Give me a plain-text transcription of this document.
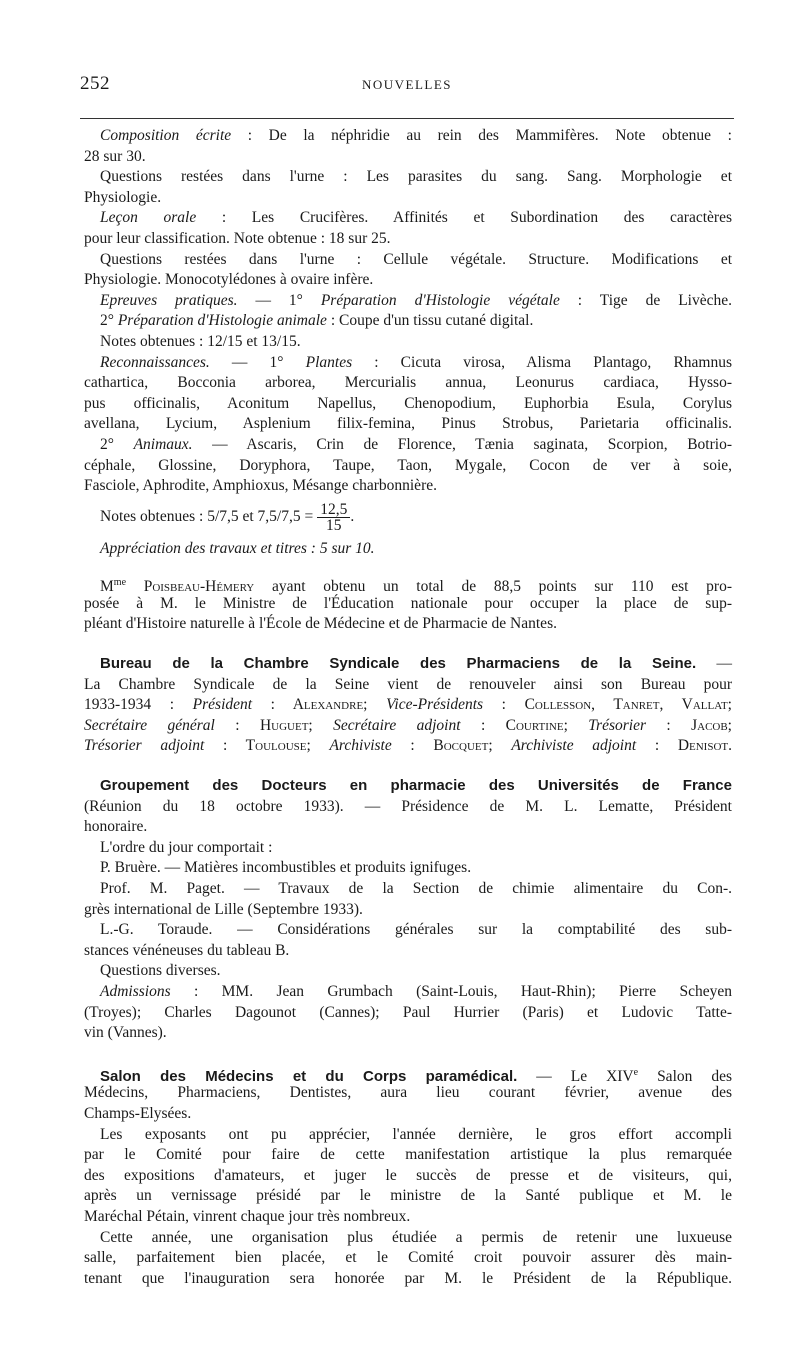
252	NOUVELLES
Composition écrite : De la néphridie au rein des Mammifères. Note obtenue :
28 sur 30.
Questions restées dans l'urne : Les parasites du sang. Sang. Morphologie et
Physiologie.
Leçon orale : Les Crucifères. Affinités et Subordination des caractères
pour leur classification. Note obtenue : 18 sur 25.
Questions restées dans l'urne : Cellule végétale. Structure. Modifications et
Physiologie. Monocotylédones à ovaire infère.
Epreuves pratiques. — 1° Préparation d'Histologie végétale : Tige de Livèche.
2° Préparation d'Histologie animale : Coupe d'un tissu cutané digital.
Notes obtenues : 12/15 et 13/15.
Reconnaissances. — 1° Plantes : Cicuta virosa, Alisma Plantago, Rhamnus
cathartica, Bocconia arborea, Mercurialis annua, Leonurus cardiaca, Hysso-
pus officinalis, Aconitum Napellus, Chenopodium, Euphorbia Esula, Corylus
avellana, Lycium, Asplenium filix-femina, Pinus Strobus, Parietaria officinalis.
2° Animaux. — Ascaris, Crin de Florence, Tænia saginata, Scorpion, Botrio-
céphale, Glossine, Doryphora, Taupe, Taon, Mygale, Cocon de ver à soie,
Fasciole, Aphrodite, Amphioxus, Mésange charbonnière.
Notes obtenues : 5/7,5 et $7,5/7,5 = \frac{12,5}{15}$ .
Appréciation des travaux et titres : 5 sur 10.
$M^{me}$ Poisbeau-Hémery ayant obtenu un total de 88,5 points sur 110 est pro-
posée à M. le Ministre de l'Éducation nationale pour occuper la place de sup-
pléant d'Histoire naturelle à l'École de Médecine et de Pharmacie de Nantes.
Bureau de la Chambre Syndicale des Pharmaciens de la Seine. —
La Chambre Syndicale de la Seine vient de renouveler ainsi son Bureau pour
1933-1934 : Président : Alexandre; Vice-Présidents : Collesson, Tanret, Vallat;
Secrétaire général : Huguet; Secrétaire adjoint : Courtine; Trésorier : Jacob;
Trésorier adjoint : Toulouse; Archiviste : Bocquet; Archiviste adjoint : Denisot.
Groupement des Docteurs en pharmacie des Universités de France
(Réunion du 18 octobre 1933). — Présidence de M. L. Lematte, Président
honoraire.
L'ordre du jour comportait :
P. Bruère. — Matières incombustibles et produits ignifuges.
Prof. M. Paget. — Travaux de la Section de chimie alimentaire du Con-.
grès international de Lille (Septembre 1933).
L.-G. Toraude. — Considérations générales sur la comptabilité des sub-
stances vénéneuses du tableau B.
Questions diverses.
Admissions : MM. Jean Grumbach (Saint-Louis, Haut-Rhin); Pierre Scheyen
(Troyes); Charles Dagounot (Cannes); Paul Hurrier (Paris) et Ludovic Tatte-
vin (Vannes).
Salon des Médecins et du Corps paramédical. — Le XIVe Salon des
Médecins, Pharmaciens, Dentistes, aura lieu courant février, avenue des
Champs-Elysées.
Les exposants ont pu apprécier, l'année dernière, le gros effort accompli
par le Comité pour faire de cette manifestation artistique la plus remarquée
des expositions d'amateurs, et juger le succès de presse et de visiteurs, qui,
après un vernissage présidé par le ministre de la Santé publique et M. le
Maréchal Pétain, vinrent chaque jour très nombreux.
Cette année, une organisation plus étudiée a permis de retenir une luxueuse
salle, parfaitement bien placée, et le Comité croit pouvoir assurer dès main-
tenant que l'inauguration sera honorée par M. le Président de la République.
